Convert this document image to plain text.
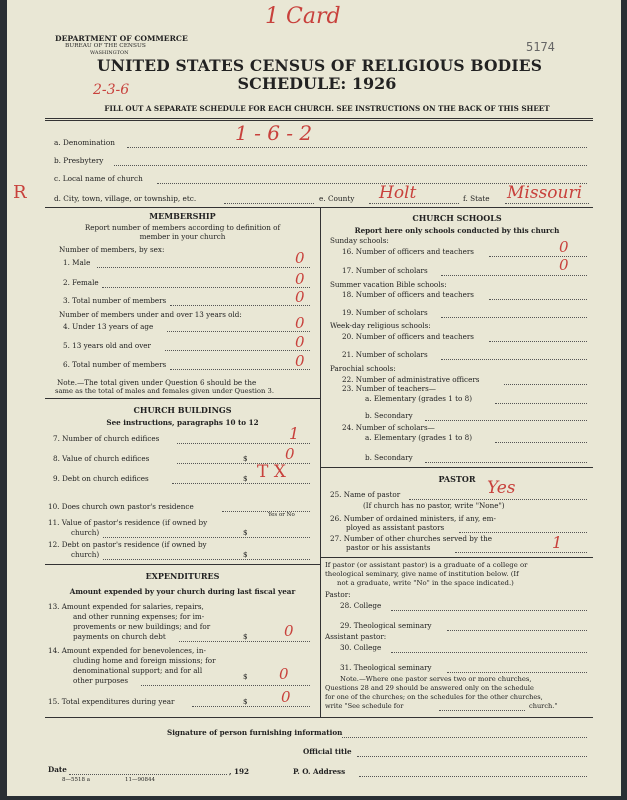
DEPARTMENT OF COMMERCE
BUREAU OF THE CENSUS
WASHINGTON
1 Card
5174
UNITED STATES CENSUS OF RELIGIOUS BODIES
SCHEDULE: 1926
2-3-6
FILL OUT A SEPARATE SCHEDULE FOR EACH CHURCH. SEE INSTRUCTIONS ON THE BACK OF THIS SHEET
a. Denomination	1 - 6 - 2
b. Presbytery
c. Local name of church
R	d. City, town, village, or township, etc.	e. County Holt	f. State Missouri
MEMBERSHIP
Report number of members according to definition of
member in your church
Number of members, by sex:
1. Male	0
2. Female	0
3. Total number of members	0
Number of members under and over 13 years old:
4. Under 13 years of age	0
5. 13 years old and over	0
6. Total number of members	0
Note.—The total given under Question 6 should be the
same as the total of males and females given under Question 3.
CHURCH BUILDINGS
See instructions, paragraphs 10 to 12
7. Number of church edifices	1
8. Value of church edifices	$ 0
9. Debt on church edifices	$ T X
10. Does church own pastor's residence
Yes or No
11. Value of pastor's residence (if owned by
church)	$
12. Debt on pastor's residence (if owned by
church)	$
EXPENDITURES
Amount expended by your church during last fiscal year
13. Amount expended for salaries, repairs,
and other running expenses; for im-
provements or new buildings; and for
payments on church debt	$ 0
14. Amount expended for benevolences, in-
cluding home and foreign missions; for
denominational support; and for all
$
other purposes	0
15. Total expenditures during year	$ 0
CHURCH SCHOOLS
Report here only schools conducted by this church
Sunday schools:
16. Number of officers and teachers	0
17. Number of scholars	0
Summer vacation Bible schools:
18. Number of officers and teachers
19. Number of scholars
Week-day religious schools:
20. Number of officers and teachers
21. Number of scholars
Parochial schools:
22. Number of administrative officers
23. Number of teachers—
a. Elementary (grades 1 to 8)
b. Secondary
24. Number of scholars—
a. Elementary (grades 1 to 8)
b. Secondary
PASTOR
25. Name of pastor	Yes
(If church has no pastor, write "None")
26. Number of ordained ministers, if any, em-
ployed as assistant pastors
27. Number of other churches served by the
pastor or his assistants	1
If pastor (or assistant pastor) is a graduate of a college or
theological seminary, give name of institution below. (If
not a graduate, write "No" in the space indicated.)
Pastor:
28. College
29. Theological seminary
Assistant pastor:
30. College
31. Theological seminary
Note.—Where one pastor serves two or more churches,
Questions 28 and 29 should be answered only on the schedule
for one of the churches; on the schedules for the other churches,
write "See schedule for	church."
Signature of person furnishing information
Official title
Date	, 192	P. O. Address
8—5518 a	11—90844
